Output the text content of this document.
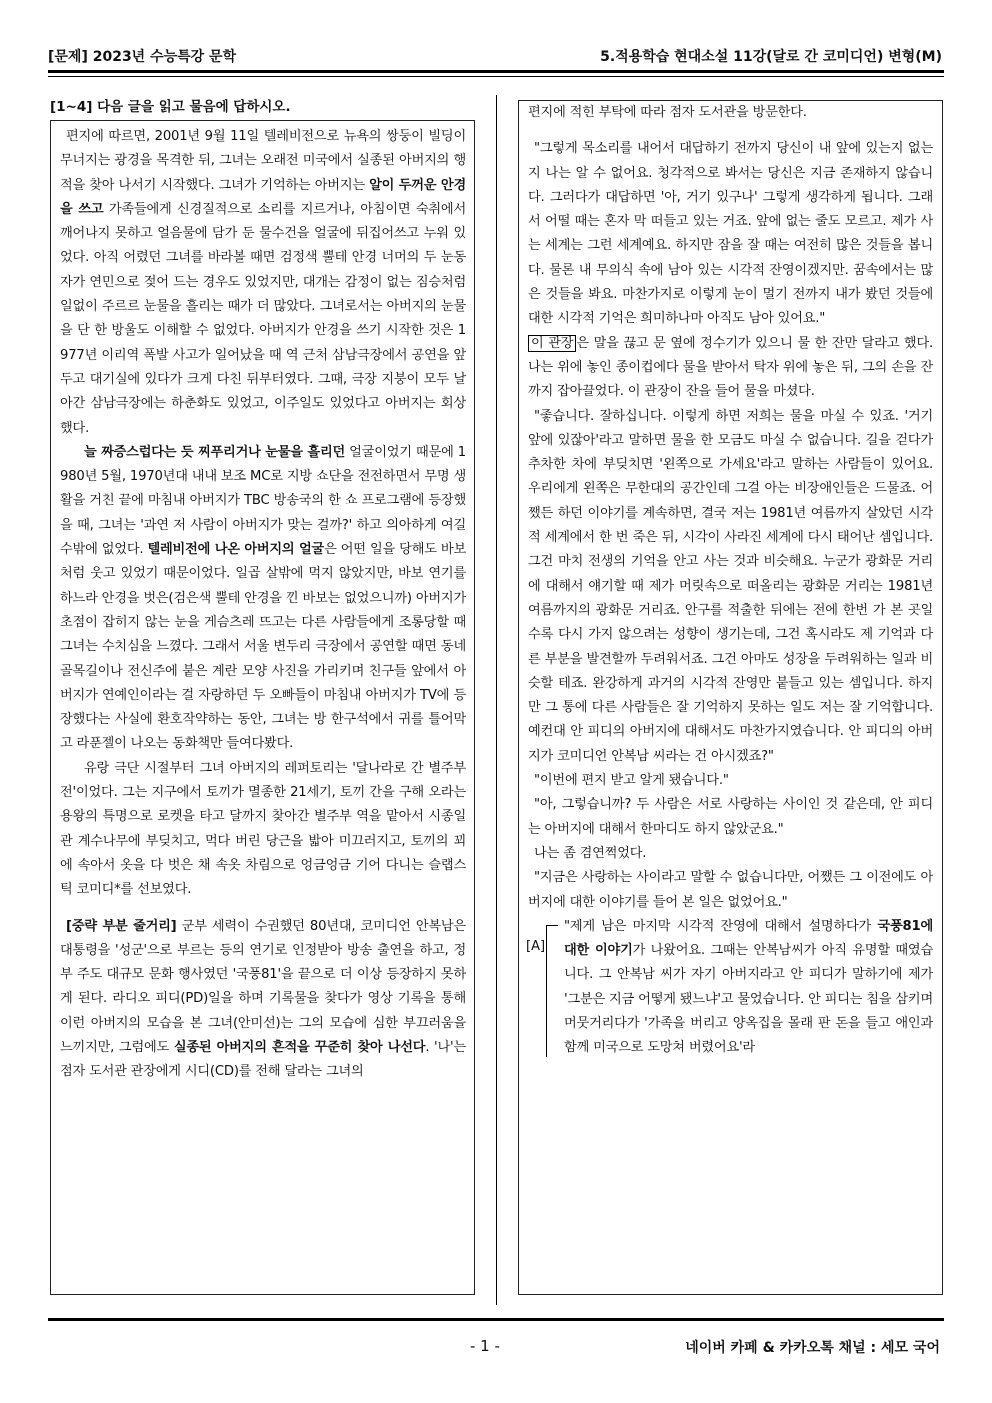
[문제] 2023년 수능특강 문학	5.적용학습 현대소설 11강(달로 간 코미디언) 변형(M)
[1~4] 다음 글을 읽고 물음에 답하시오.

편지에 따르면, 2001년 9월 11일 텔레비전으로 뉴욕의 쌍둥이 빌딩이 무너지는 광경을 목격한 뒤, 그녀는 오래전 미국에서 실종된 아버지의 행적을 찾아 나서기 시작했다. 그녀가 기억하는 아버지는 알이 두꺼운 안경을 쓰고 가족들에게 신경질적으로 소리를 지르거나, 아침이면 숙취에서 깨어나지 못하고 얼음물에 담가 둔 물수건을 얼굴에 뒤집어쓰고 누워 있었다. 아직 어렸던 그녀를 바라볼 때면 검정색 뿔테 안경 너머의 두 눈동자가 연민으로 젖어 드는 경우도 있었지만, 대개는 감정이 없는 짐승처럼 일없이 주르르 눈물을 흘리는 때가 더 많았다. 그녀로서는 아버지의 눈물을 단 한 방울도 이해할 수 없었다. 아버지가 안경을 쓰기 시작한 것은 1977년 이리역 폭발 사고가 일어났을 때 역 근처 삼남극장에서 공연을 앞두고 대기실에 있다가 크게 다친 뒤부터였다. 그때, 극장 지붕이 모두 날아간 삼남극장에는 하춘화도 있었고, 이주일도 있었다고 아버지는 회상했다.

늘 짜증스럽다는 듯 찌푸리거나 눈물을 흘리던 얼굴이었기 때문에 1980년 5월, 1970년대 내내 보조 MC로 지방 쇼단을 전전하면서 무명 생활을 거친 끝에 마침내 아버지가 TBC 방송국의 한 쇼 프로그램에 등장했을 때, 그녀는 '과연 저 사람이 아버지가 맞는 걸까?' 하고 의아하게 여길 수밖에 없었다. 텔레비전에 나온 아버지의 얼굴은 어떤 일을 당해도 바보처럼 웃고 있었기 때문이었다. 일곱 살밖에 먹지 않았지만, 바보 연기를 하느라 안경을 벗은(검은색 뿔테 안경을 낀 바보는 없었으니까) 아버지가 초점이 잡히지 않는 눈을 게슴츠레 뜨고는 다른 사람들에게 조롱당할 때 그녀는 수치심을 느꼈다. 그래서 서울 변두리 극장에서 공연할 때면 동네 골목길이나 전신주에 붙은 계란 모양 사진을 가리키며 친구들 앞에서 아버지가 연예인이라는 걸 자랑하던 두 오빠들이 마침내 아버지가 TV에 등장했다는 사실에 환호작약하는 동안, 그녀는 방 한구석에서 귀를 틀어막고 라푼젤이 나오는 동화책만 들여다봤다.

유랑 극단 시절부터 그녀 아버지의 레퍼토리는 '달나라로 간 별주부전'이었다. 그는 지구에서 토끼가 멸종한 21세기, 토끼 간을 구해 오라는 용왕의 특명으로 로켓을 타고 달까지 찾아간 별주부 역을 맡아서 시종일관 계수나무에 부딪치고, 먹다 버린 당근을 밟아 미끄러지고, 토끼의 꾀에 속아서 옷을 다 벗은 채 속옷 차림으로 엉금엉금 기어 다니는 슬랩스틱 코미디*를 선보였다.

[중략 부분 줄거리] 군부 세력이 수권했던 80년대, 코미디언 안복남은 대통령을 '성군'으로 부르는 등의 연기로 인정받아 방송 출연을 하고, 정부 주도 대규모 문화 행사였던 '국풍81'을 끝으로 더 이상 등장하지 못하게 된다. 라디오 피디(PD)일을 하며 기록물을 찾다가 영상 기록을 통해 이런 아버지의 모습을 본 그녀(안미선)는 그의 모습에 심한 부끄러움을 느끼지만, 그럼에도 실종된 아버지의 흔적을 꾸준히 찾아 나선다. '나'는 점자 도서관 관장에게 시디(CD)를 전해 달라는 그녀의

편지에 적힌 부탁에 따라 점자 도서관을 방문한다.

"그렇게 목소리를 내어서 대답하기 전까지 당신이 내 앞에 있는지 없는지 나는 알 수 없어요. 청각적으로 봐서는 당신은 지금 존재하지 않습니다. 그러다가 대답하면 '아, 거기 있구나' 그렇게 생각하게 됩니다. 그래서 어떨 때는 혼자 막 떠들고 있는 거죠. 앞에 없는 줄도 모르고. 제가 사는 세계는 그런 세계예요. 하지만 잠을 잘 때는 여전히 많은 것들을 봅니다. 물론 내 무의식 속에 남아 있는 시각적 잔영이겠지만. 꿈속에서는 많은 것들을 봐요. 마찬가지로 이렇게 눈이 멀기 전까지 내가 봤던 것들에 대한 시각적 기억은 희미하나마 아직도 남아 있어요."

이 관장 은 말을 끊고 문 옆에 정수기가 있으니 물 한 잔만 달라고 했다. 나는 위에 놓인 종이컵에다 물을 받아서 탁자 위에 놓은 뒤, 그의 손을 잔까지 잡아끌었다. 이 관장이 잔을 들어 물을 마셨다.

"좋습니다. 잘하십니다. 이렇게 하면 저희는 물을 마실 수 있죠. '거기 앞에 있잖아'라고 말하면 물을 한 모금도 마실 수 없습니다. 길을 걷다가 추차한 차에 부딪치면 '왼쪽으로 가세요'라고 말하는 사람들이 있어요. 우리에게 왼쪽은 무한대의 공간인데 그걸 아는 비장애인들은 드물죠. 어쨌든 하던 이야기를 계속하면, 결국 저는 1981년 여름까지 살았던 시각적 세계에서 한 번 죽은 뒤, 시각이 사라진 세계에 다시 태어난 셈입니다. 그건 마치 전생의 기억을 안고 사는 것과 비슷해요. 누군가 광화문 거리에 대해서 얘기할 때 제가 머릿속으로 떠올리는 광화문 거리는 1981년 여름까지의 광화문 거리죠. 안구를 적출한 뒤에는 전에 한번 가 본 곳일수록 다시 가지 않으려는 성향이 생기는데, 그건 혹시라도 제 기억과 다른 부분을 발견할까 두려워서죠. 그건 아마도 성장을 두려워하는 일과 비슷할 테죠. 완강하게 과거의 시각적 잔영만 붙들고 있는 셈입니다. 하지만 그 통에 다른 사람들은 잘 기억하지 못하는 일도 저는 잘 기억합니다. 예컨대 안 피디의 아버지에 대해서도 마찬가지였습니다. 안 피디의 아버지가 코미디언 안복남 씨라는 건 아시겠죠?"

"이번에 편지 받고 알게 됐습니다."

"아, 그렇습니까? 두 사람은 서로 사랑하는 사이인 것 같은데, 안 피디는 아버지에 대해서 한마디도 하지 않았군요."

나는 좀 겸연쩍었다.

"지금은 사랑하는 사이라고 말할 수 없습니다만, 어쨌든 그 이전에도 아버지에 대한 이야기를 들어 본 일은 없었어요."

[A]

"제게 남은 마지막 시각적 잔영에 대해서 설명하다가 국풍81에 대한 이야기가 나왔어요. 그때는 안복남씨가 아직 유명할 때였습니다. 그 안복남 씨가 자기 아버지라고 안 피디가 말하기에 제가 '그분은 지금 어떻게 됐느냐'고 물었습니다. 안 피디는 침을 삼키며 머뭇거리다가 '가족을 버리고 양옥집을 몰래 판 돈을 들고 애인과 함께 미국으로 도망쳐 버렸어요'라

- 1 -	네이버 카페 & 카카오톡 채널 : 세모 국어
